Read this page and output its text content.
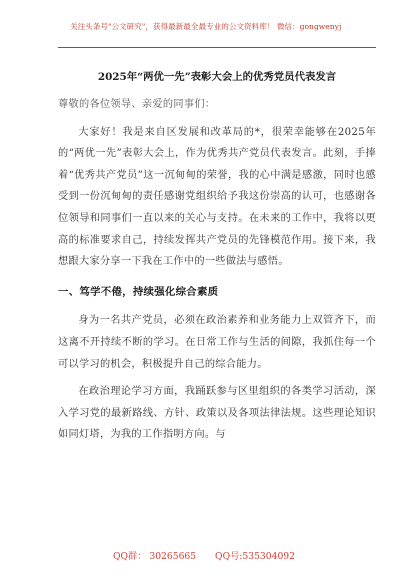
关注头条号"公文研究"，获得最新最全最专业的公文资料库！ 微信：gongwenyj
2025年“两优一先”表彰大会上的优秀党员代表发言

尊敬的各位领导、亲爱的同事们：

大家好！我是来自区发展和改革局的*，很荣幸能够在2025年的“两优一先”表彰大会上，作为优秀共产党员代表发言。此刻，手捧着“优秀共产党员”这一沉甸甸的荣誉，我的心中满是感激，同时也感受到一份沉甸甸的责任感谢党组织给予我这份崇高的认可，也感谢各位领导和同事们一直以来的关心与支持。在未来的工作中，我将以更高的标准要求自己，持续发挥共产党员的先锋模范作用。接下来，我想跟大家分享一下我在工作中的一些做法与感悟。

一、笃学不倦，持续强化综合素质

身为一名共产党员，必须在政治素养和业务能力上双管齐下，而这离不开持续不断的学习。在日常工作与生活的间隙，我抓住每一个可以学习的机会，积极提升自己的综合能力。

在政治理论学习方面，我踊跃参与区里组织的各类学习活动，深入学习党的最新路线、方针、政策以及各项法律法规。这些理论知识如同灯塔，为我的工作指明方向。与

QQ群： 30265665 QQ号:535304092
